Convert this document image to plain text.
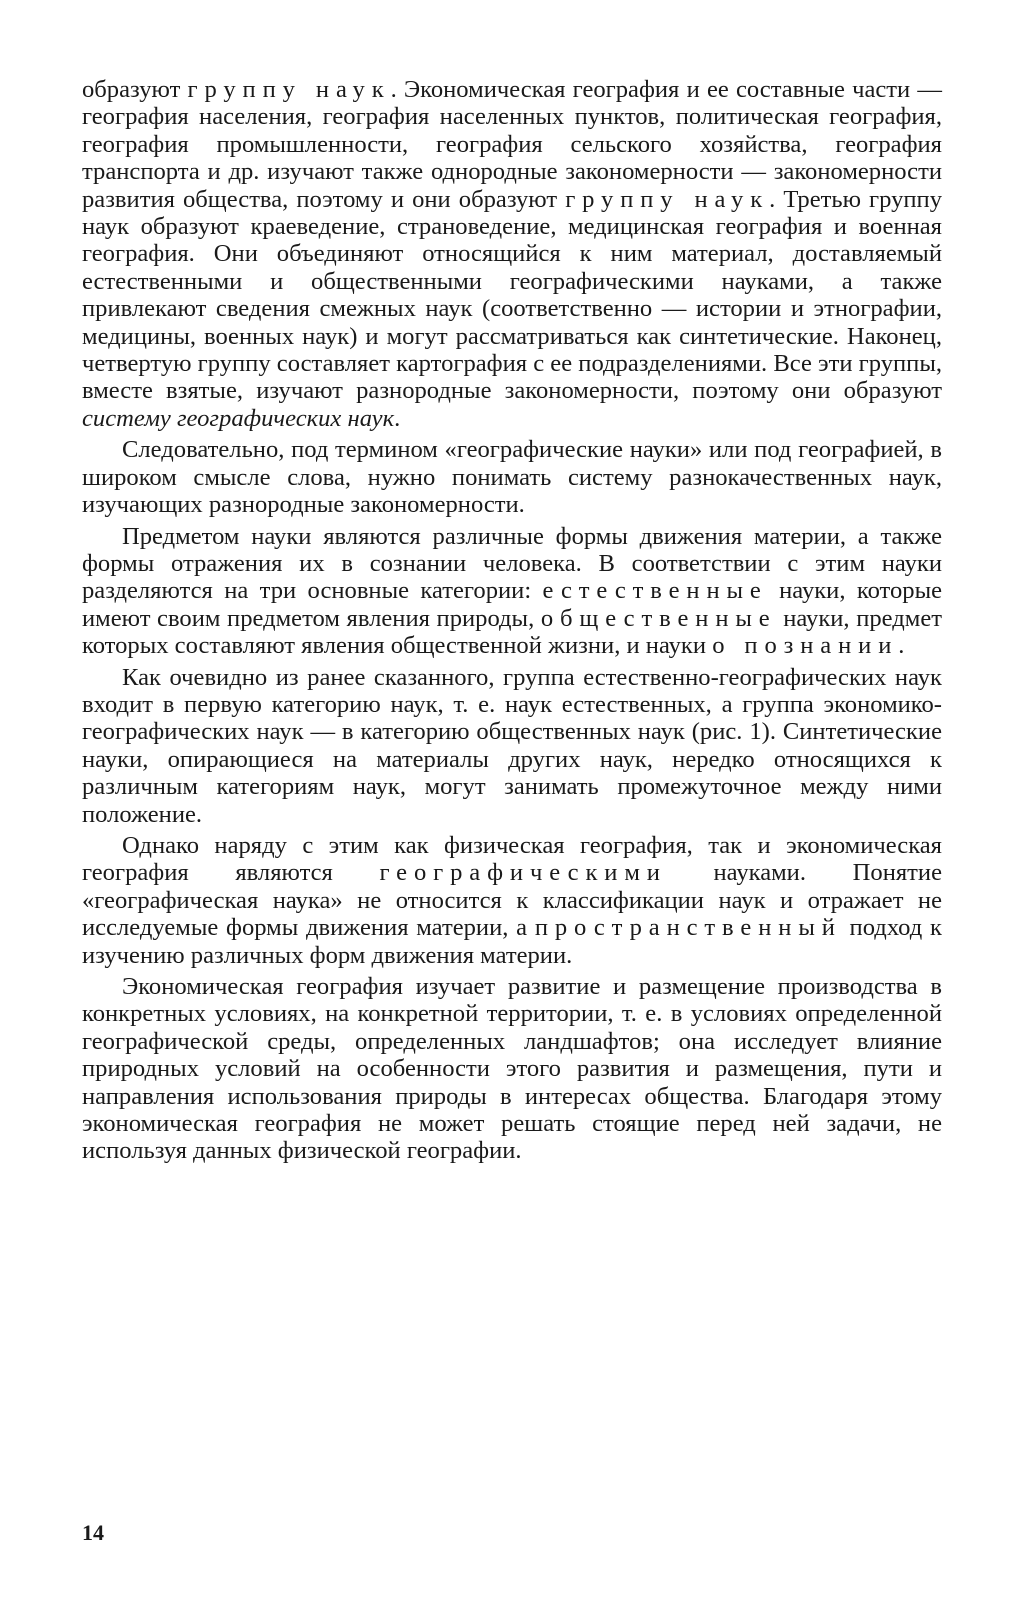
образуют группу наук. Экономическая география и ее составные части — география населения, география населенных пунктов, политическая география, география промышленности, география сельского хозяйства, география транспорта и др. изучают также однородные закономерности — закономерности развития общества, поэтому и они образуют группу наук. Третью группу наук образуют краеведение, страноведение, медицинская география и военная география. Они объединяют относящийся к ним материал, доставляемый естественными и общественными географическими науками, а также привлекают сведения смежных наук (соответственно — истории и этнографии, медицины, военных наук) и могут рассматриваться как синтетические. Наконец, четвертую группу составляет картография с ее подразделениями. Все эти группы, вместе взятые, изучают разнородные закономерности, поэтому они образуют систему географических наук.

Следовательно, под термином «географические науки» или под географией, в широком смысле слова, нужно понимать систему разнокачественных наук, изучающих разнородные закономерности.

Предметом науки являются различные формы движения материи, а также формы отражения их в сознании человека. В соответствии с этим науки разделяются на три основные категории: естественные науки, которые имеют своим предметом явления природы, общественные науки, предмет которых составляют явления общественной жизни, и науки о познании.

Как очевидно из ранее сказанного, группа естественно-географических наук входит в первую категорию наук, т. е. наук естественных, а группа экономико-географических наук — в категорию общественных наук (рис. 1). Синтетические науки, опирающиеся на материалы других наук, нередко относящихся к различным категориям наук, могут занимать промежуточное между ними положение.

Однако наряду с этим как физическая география, так и экономическая география являются географическими науками. Понятие «географическая наука» не относится к классификации наук и отражает не исследуемые формы движения материи, а пространственный подход к изучению различных форм движения материи.

Экономическая география изучает развитие и размещение производства в конкретных условиях, на конкретной территории, т. е. в условиях определенной географической среды, определенных ландшафтов; она исследует влияние природных условий на особенности этого развития и размещения, пути и направления использования природы в интересах общества. Благодаря этому экономическая география не может решать стоящие перед ней задачи, не используя данных физической географии.

14
